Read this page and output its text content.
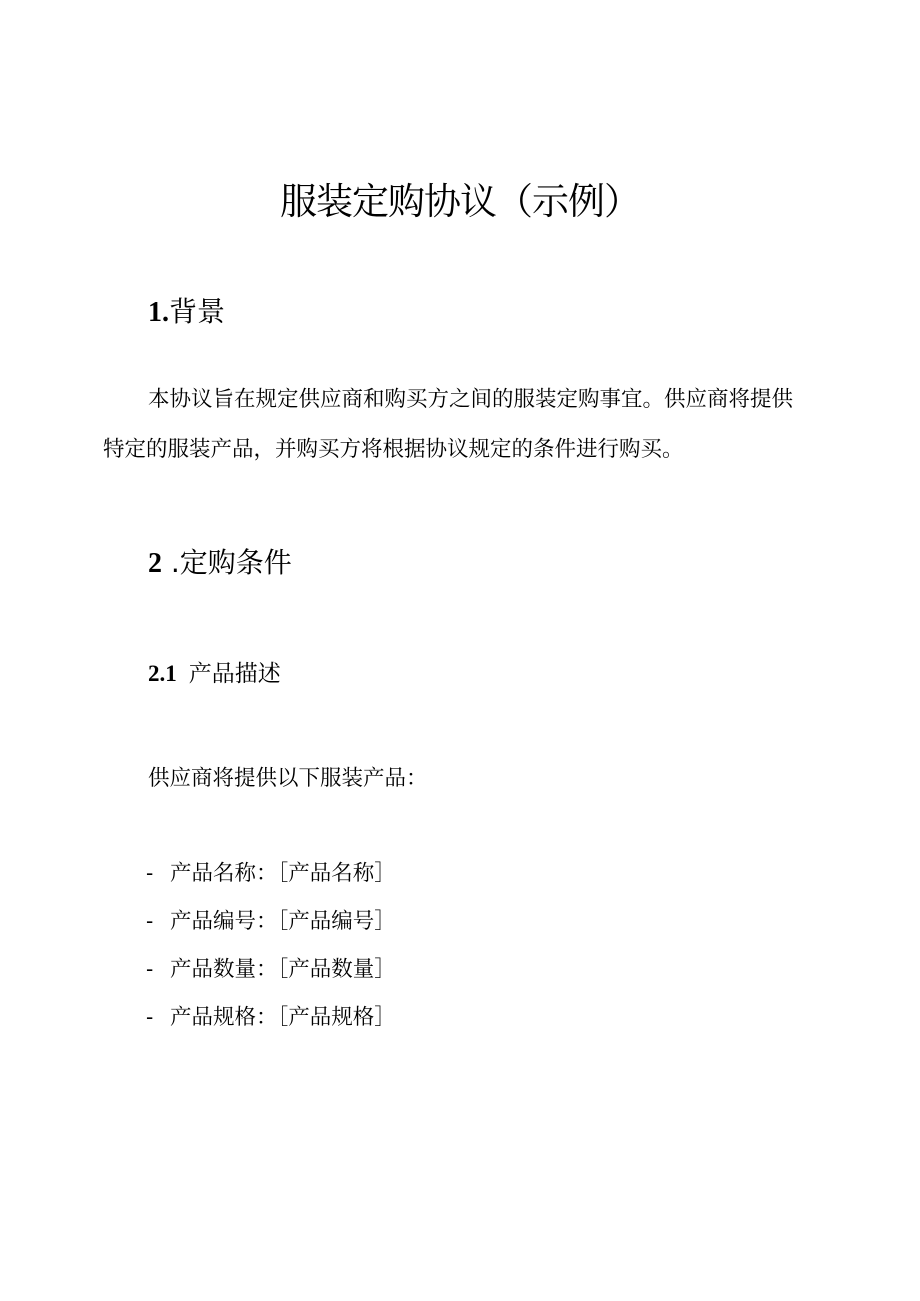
服装定购协议（示例）
1.背景

本协议旨在规定供应商和购买方之间的服装定购事宜。供应商将提供特定的服装产品，并购买方将根据协议规定的条件进行购买。

2 .定购条件
2.1 产品描述

供应商将提供以下服装产品：

- 产品名称：［产品名称］
- 产品编号：［产品编号］
- 产品数量：［产品数量］
- 产品规格：［产品规格］
